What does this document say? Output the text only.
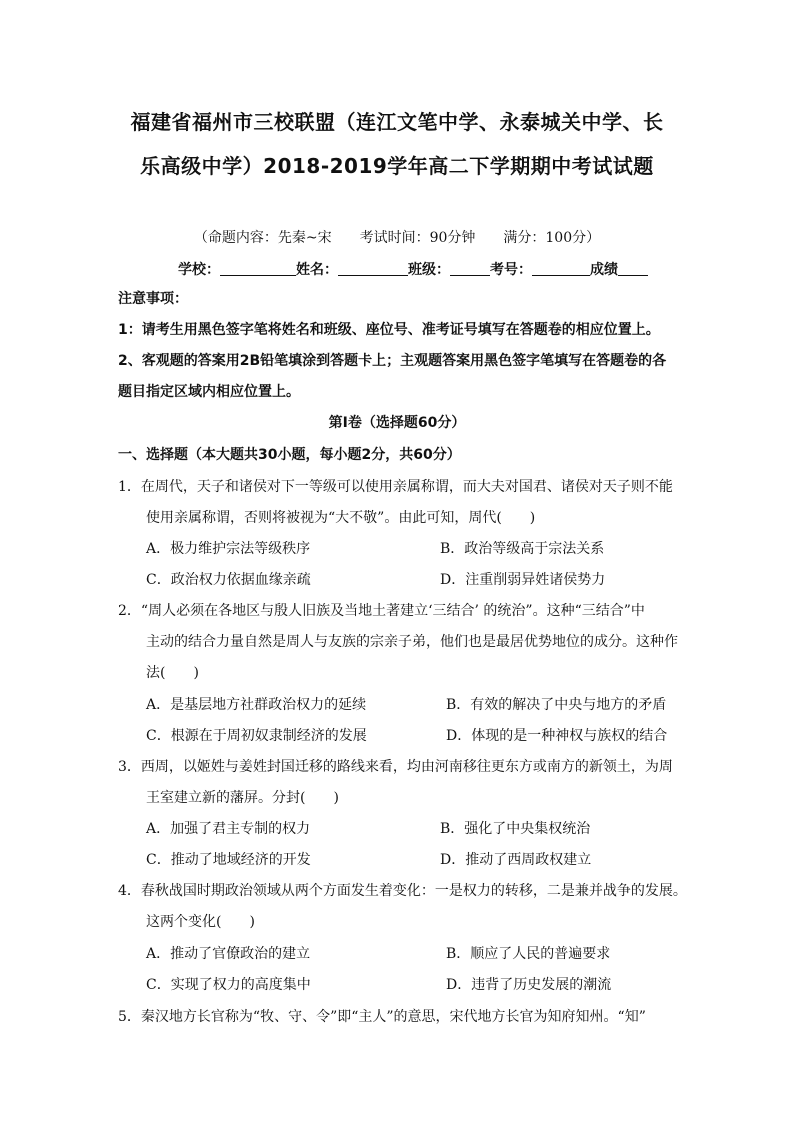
福建省福州市三校联盟（连江文笔中学、永泰城关中学、长
乐高级中学）2018-2019学年高二下学期期中考试试题
（命题内容：先秦~宋　　考试时间：90分钟　　满分：100分）
学校：	姓名：	班级：	考号：	成绩
注意事项：
1：请考生用黑色签字笔将姓名和班级、座位号、准考证号填写在答题卷的相应位置上。
2、客观题的答案用2B铅笔填涂到答题卡上；主观题答案用黑色签字笔填写在答题卷的各
题目指定区域内相应位置上。
第Ⅰ卷（选择题60分）
一、选择题（本大题共30小题，每小题2分，共60分）
1．在周代，天子和诸侯对下一等级可以使用亲属称谓，而大夫对国君、诸侯对天子则不能
使用亲属称谓，否则将被视为“大不敬”。由此可知，周代(　　)
A．极力维护宗法等级秩序	B．政治等级高于宗法关系
C．政治权力依据血缘亲疏	D．注重削弱异姓诸侯势力
2．“周人必须在各地区与殷人旧族及当地土著建立‘三结合’ 的统治”。这种“三结合”中
主动的结合力量自然是周人与友族的宗亲子弟，他们也是最居优势地位的成分。这种作
法(　　)
A．是基层地方社群政治权力的延续	B．有效的解决了中央与地方的矛盾
C．根源在于周初奴隶制经济的发展	D．体现的是一种神权与族权的结合
3．西周，以姬姓与姜姓封国迁移的路线来看，均由河南移往更东方或南方的新领土，为周
王室建立新的藩屏。分封(　　)
A．加强了君主专制的权力	B．强化了中央集权统治
C．推动了地域经济的开发	D．推动了西周政权建立
4．春秋战国时期政治领域从两个方面发生着变化：一是权力的转移，二是兼并战争的发展。
这两个变化(　　)
A．推动了官僚政治的建立	B．顺应了人民的普遍要求
C．实现了权力的高度集中	D．违背了历史发展的潮流
5．秦汉地方长官称为“牧、守、令”即“主人”的意思，宋代地方长官为知府知州。“知”
